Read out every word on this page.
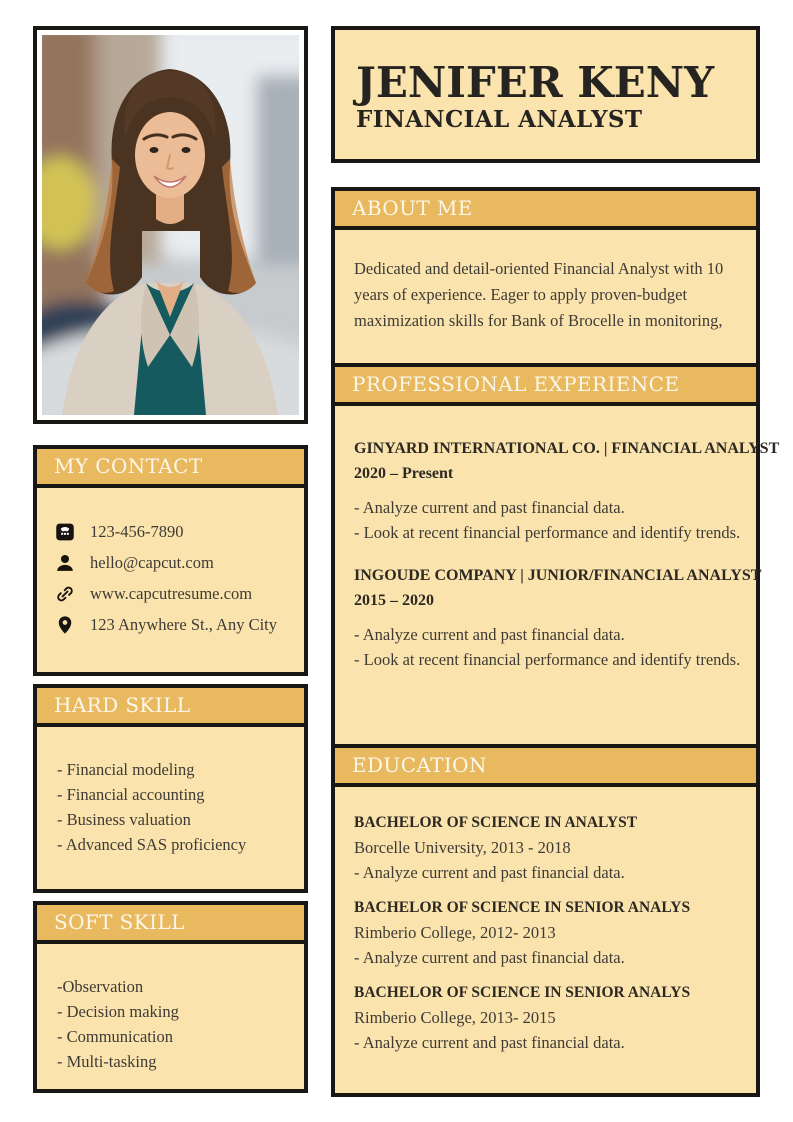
MY CONTACT
123-456-7890
hello@capcut.com
www.capcutresume.com
123 Anywhere St., Any City
HARD SKILL
- Financial modeling
- Financial accounting
- Business valuation
- Advanced SAS proficiency
SOFT SKILL
-Observation
- Decision making
- Communication
- Multi-tasking
JENIFER KENY
FINANCIAL ANALYST
ABOUT ME

Dedicated and detail-oriented Financial Analyst with 10 years of experience. Eager to apply proven-budget maximization skills for Bank of Brocelle in monitoring,

PROFESSIONAL EXPERIENCE
GINYARD INTERNATIONAL CO. | FINANCIAL ANALYST
2020 – Present
- Analyze current and past financial data.
- Look at recent financial performance and identify trends.
INGOUDE COMPANY | JUNIOR/FINANCIAL ANALYST
2015 – 2020
- Analyze current and past financial data.
- Look at recent financial performance and identify trends.
EDUCATION
BACHELOR OF SCIENCE IN ANALYST
Borcelle University, 2013 - 2018
- Analyze current and past financial data.
BACHELOR OF SCIENCE IN SENIOR ANALYS
Rimberio College, 2012- 2013
- Analyze current and past financial data.
BACHELOR OF SCIENCE IN SENIOR ANALYS
Rimberio College, 2013- 2015
- Analyze current and past financial data.
